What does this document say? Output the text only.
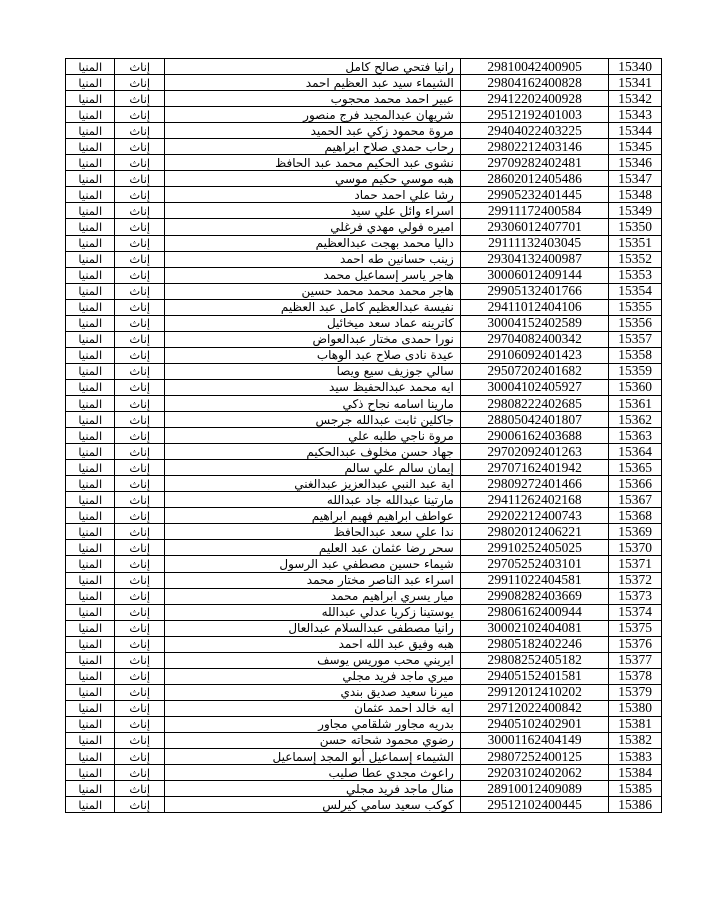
المنيا	إناث	رانيا فتحي صالح كامل	29810042400905	15340
المنيا	إناث	الشيماء سيد عبد العظيم احمد	29804162400828	15341
المنيا	إناث	عبير احمد محمد محجوب	29412202400928	15342
المنيا	إناث	شريهان عبدالمجيد فرج منصور	29512192401003	15343
المنيا	إناث	مروة محمود زكي عبد الحميد	29404022403225	15344
المنيا	إناث	رحاب حمدي صلاح ابراهيم	29802212403146	15345
المنيا	إناث	نشوى عبد الحكيم محمد عبد الحافظ	29709282402481	15346
المنيا	إناث	هبه موسي حكيم موسي	28602012405486	15347
المنيا	إناث	رشا علي احمد حماد	29905232401445	15348
المنيا	إناث	اسراء وائل علي سيد	29911172400584	15349
المنيا	إناث	اميره فولي مهدي فرغلي	29306012407701	15350
المنيا	إناث	داليا محمد بهجت عبدالعظيم	29111132403045	15351
المنيا	إناث	زينب حسانين طه احمد	29304132400987	15352
المنيا	إناث	هاجر ياسر إسماعيل محمد	30006012409144	15353
المنيا	إناث	هاجر محمد محمد محمد حسين	29905132401766	15354
المنيا	إناث	نفيسة عبدالعظيم كامل عبد العظيم	29411012404106	15355
المنيا	إناث	كاترينه عماد سعد ميخائيل	30004152402589	15356
المنيا	إناث	نورا حمدى مختار عبدالعواض	29704082400342	15357
المنيا	إناث	عيدة نادى صلاح عبد الوهاب	29106092401423	15358
المنيا	إناث	سالي جوزيف سيع ويصا	29507202401682	15359
المنيا	إناث	ايه محمد عبدالحفيظ سيد	30004102405927	15360
المنيا	إناث	مارينا اسامه نجاح ذكي	29808222402685	15361
المنيا	إناث	جاكلين ثابت عبدالله جرجس	28805042401807	15362
المنيا	إناث	مروة ناجي طلبه علي	29006162403688	15363
المنيا	إناث	جهاد حسن مخلوف عبدالحكيم	29702092401263	15364
المنيا	إناث	إيمان سالم علي سالم	29707162401942	15365
المنيا	إناث	اية عبد النبي عبدالعزيز عبدالغني	29809272401466	15366
المنيا	إناث	مارتينا عبدالله جاد عبدالله	29411262402168	15367
المنيا	إناث	عواطف ابراهيم فهيم ابراهيم	29202212400743	15368
المنيا	إناث	ندا علي سعد عبدالحافظ	29802012406221	15369
المنيا	إناث	سحر رضا عثمان عبد العليم	29910252405025	15370
المنيا	إناث	شيماء حسين مصطفي عبد الرسول	29705252403101	15371
المنيا	إناث	اسراء عبد الناصر مختار محمد	29911022404581	15372
المنيا	إناث	ميار يسري ابراهيم محمد	29908282403669	15373
المنيا	إناث	يوستينا زكريا عدلي عبدالله	29806162400944	15374
المنيا	إناث	رانيا مصطفى عبدالسلام عبدالعال	30002102404081	15375
المنيا	إناث	هبه وفيق عبد الله احمد	29805182402246	15376
المنيا	إناث	ايريني محب موريس يوسف	29808252405182	15377
المنيا	إناث	ميري ماجد فريد مجلي	29405152401581	15378
المنيا	إناث	ميرنا سعيد صديق بندي	29912012410202	15379
المنيا	إناث	ايه خالد احمد عثمان	29712022400842	15380
المنيا	إناث	بدريه مجاور شلقامي مجاور	29405102402901	15381
المنيا	إناث	رضوي محمود شحاته حسن	30001162404149	15382
المنيا	إناث	الشيماء إسماعيل أبو المجد إسماعيل	29807252400125	15383
المنيا	إناث	راعوث مجدي عطا صليب	29203102402062	15384
المنيا	إناث	منال ماجد فريد مجلي	28910012409089	15385
المنيا	إناث	كوكب سعيد سامي كيرلس	29512102400445	15386
